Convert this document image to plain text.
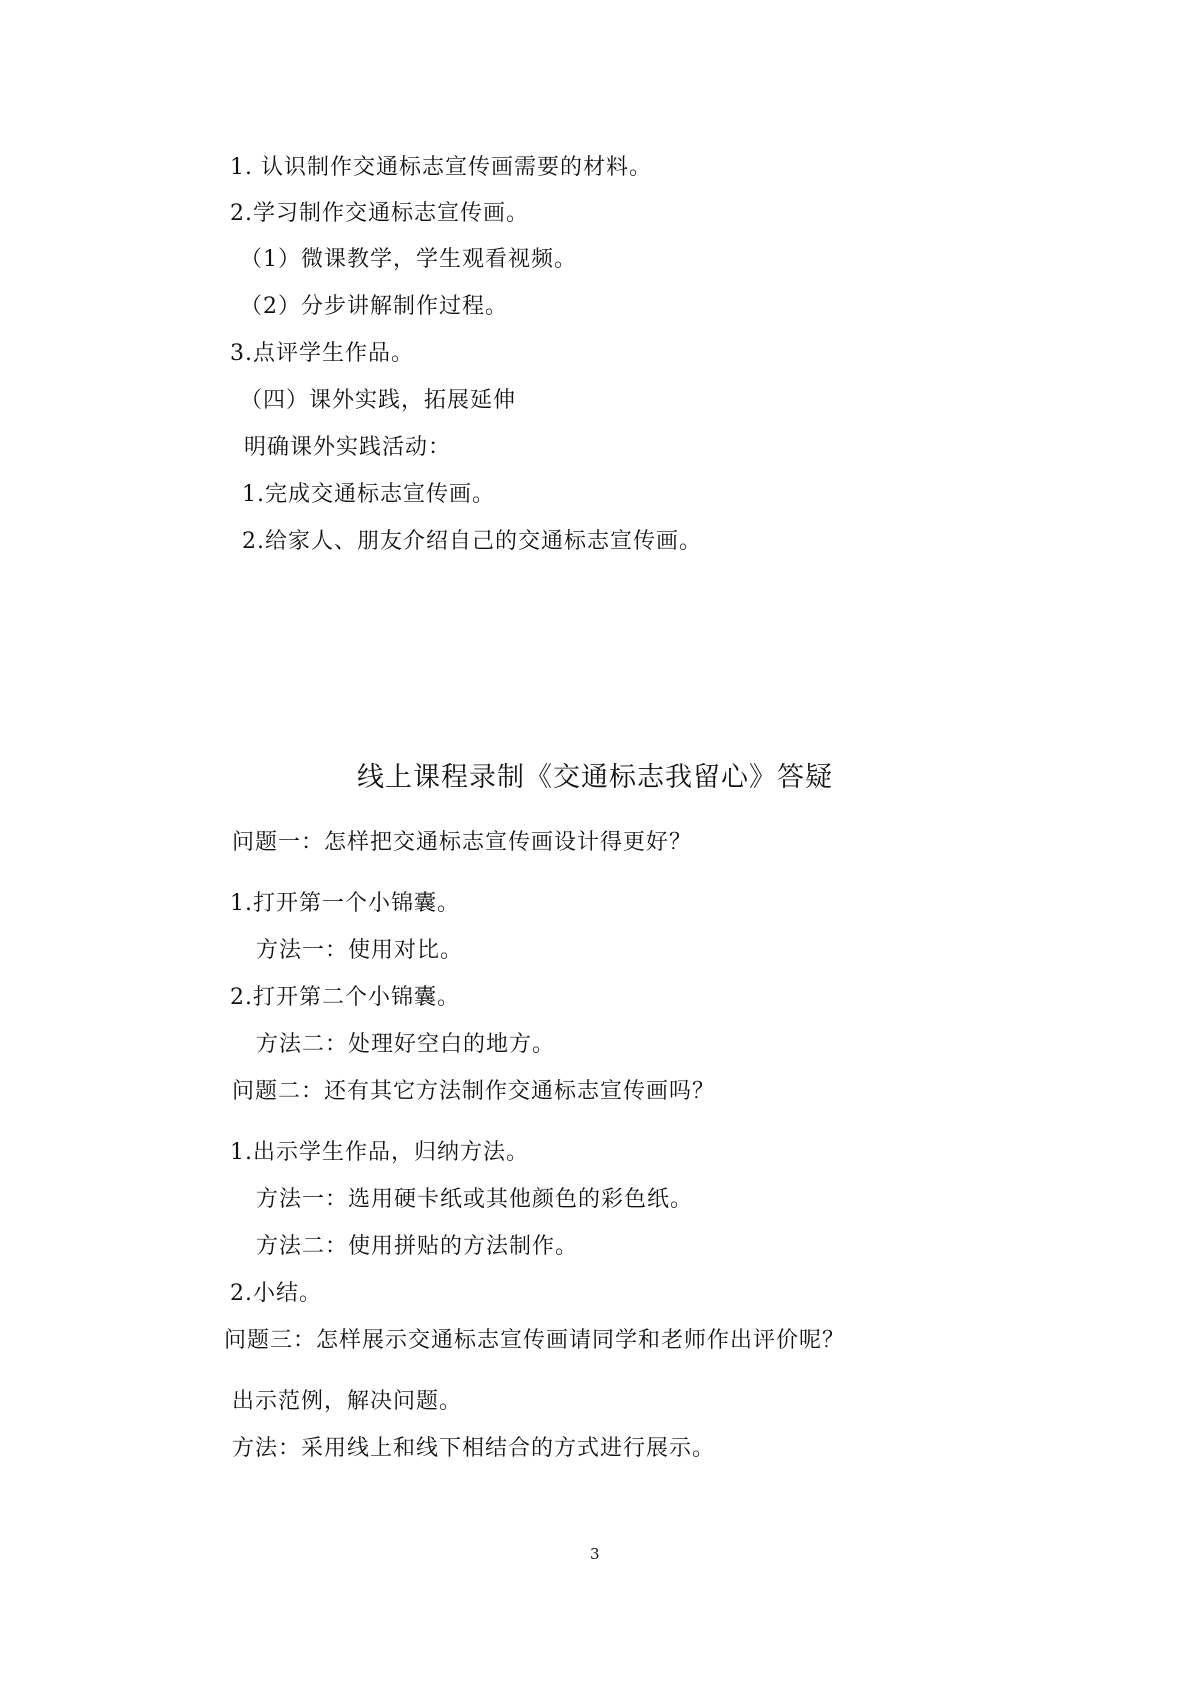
1. 认识制作交通标志宣传画需要的材料。
2.学习制作交通标志宣传画。
（1）微课教学，学生观看视频。
（2）分步讲解制作过程。
3.点评学生作品。
（四）课外实践，拓展延伸
明确课外实践活动：
1.完成交通标志宣传画。
2.给家人、朋友介绍自己的交通标志宣传画。
线上课程录制《交通标志我留心》答疑
问题一：怎样把交通标志宣传画设计得更好？
1.打开第一个小锦囊。
方法一：使用对比。
2.打开第二个小锦囊。
方法二：处理好空白的地方。
问题二：还有其它方法制作交通标志宣传画吗？
1.出示学生作品，归纳方法。
方法一：选用硬卡纸或其他颜色的彩色纸。
方法二：使用拼贴的方法制作。
2.小结。
问题三：怎样展示交通标志宣传画请同学和老师作出评价呢？
出示范例，解决问题。
方法：采用线上和线下相结合的方式进行展示。
3
